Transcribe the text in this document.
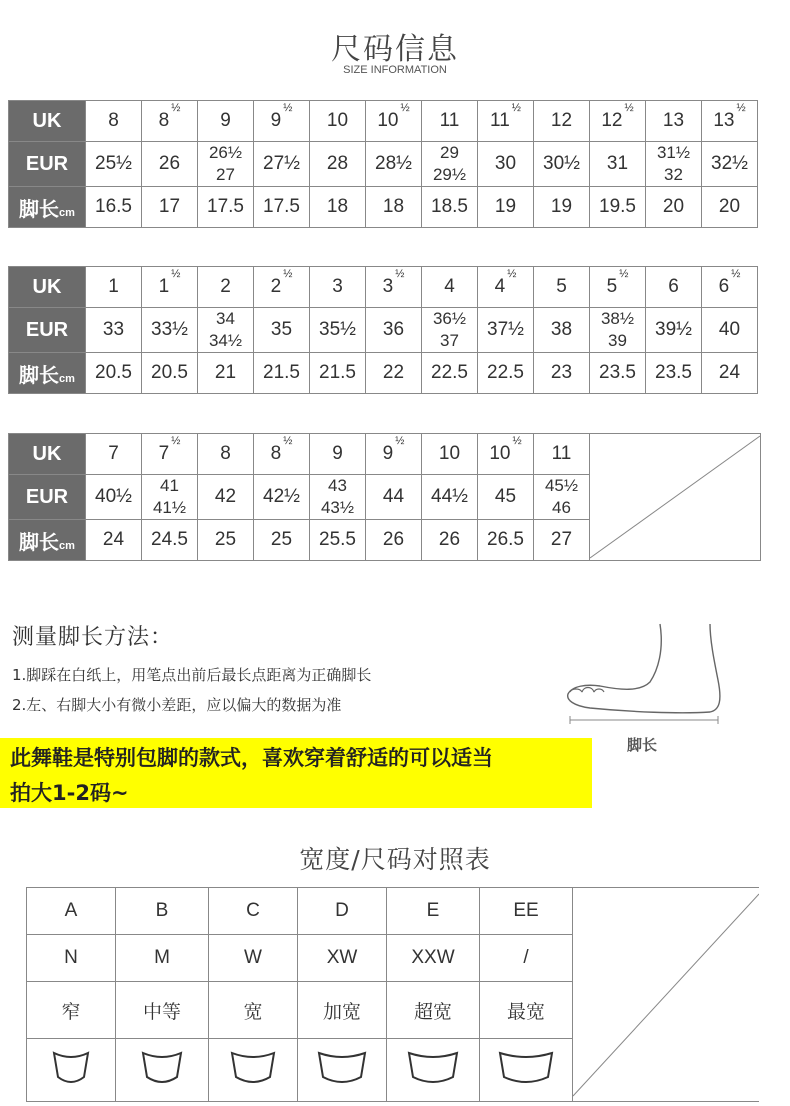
尺码信息
SIZE INFORMATION
UK	8	8½	9	9½	10	10½	11	11½	12	12½	13	13½
EUR	25½	26	26½ 27	27½	28	28½	29 29½	30	30½	31	31½ 32	32½
脚长cm	16.5	17	17.5	17.5	18	18	18.5	19	19	19.5	20	20
UK	1	1½	2	2½	3	3½	4	4½	5	5½	6	6½
EUR	33	33½	34 34½	35	35½	36	36½ 37	37½	38	38½ 39	39½	40
脚长cm	20.5	20.5	21	21.5	21.5	22	22.5	22.5	23	23.5	23.5	24
UK	7	7½	8	8½	9	9½	10	10½	11	

EUR	40½	41 41½	42	42½	43 43½	44	44½	45	45½ 46	
脚长cm	24	24.5	25	25	25.5	26	26	26.5	27	
测量脚长方法：
1.脚踩在白纸上，用笔点出前后最长点距离为正确脚长
2.左、右脚大小有微小差距，应以偏大的数据为准
脚长
此舞鞋是特别包脚的款式，喜欢穿着舒适的可以适当
拍大1-2码~
宽度/尺码对照表
A	B	C	D	E	EE	

N	M	W	XW	XXW	/	
窄	中等	宽	加宽	超宽	最宽	
